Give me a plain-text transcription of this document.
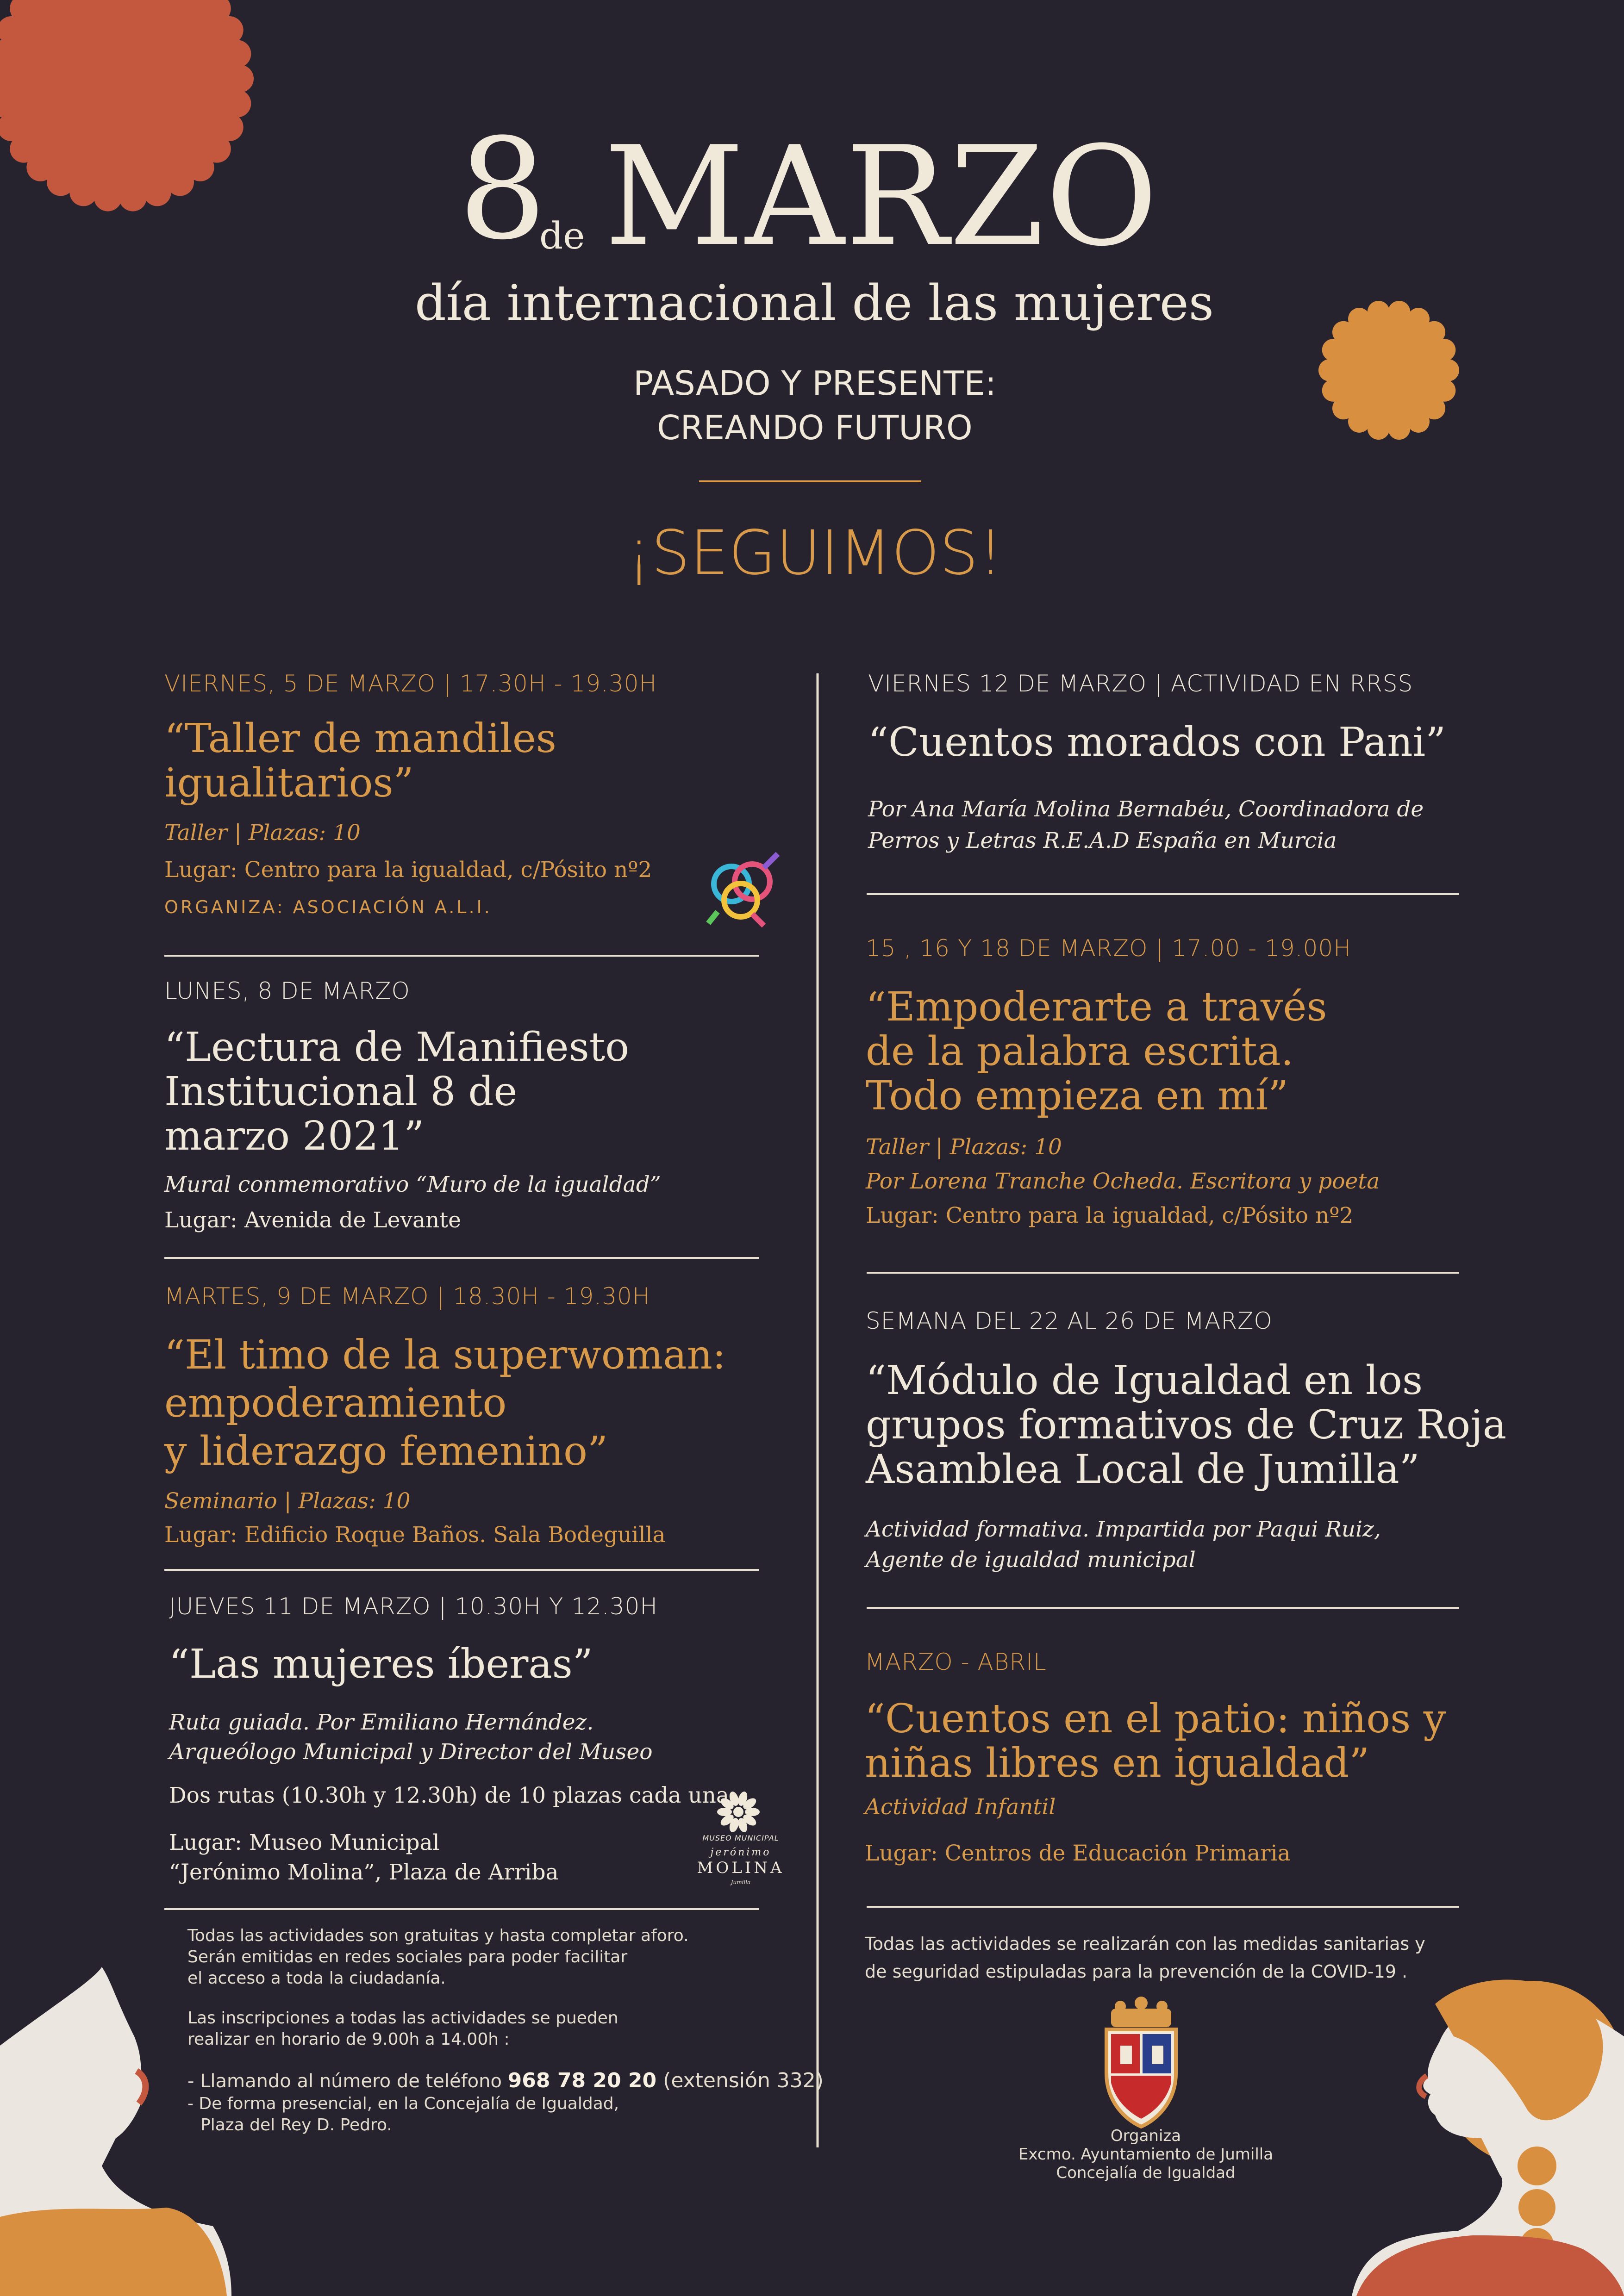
8
de MARZO
día internacional de las mujeres
PASADO Y PRESENTE:
CREANDO FUTURO
¡SEGUIMOS!
VIERNES, 5 DE MARZO | 17.30H - 19.30H
“Taller de mandiles
igualitarios”
Taller | Plazas: 10
Lugar: Centro para la igualdad, c/Pósito nº2
ORGANIZA: ASOCIACIÓN A.L.I.
LUNES, 8 DE MARZO
“Lectura de Manifiesto
Institucional 8 de
marzo 2021”
Mural conmemorativo “Muro de la igualdad”
Lugar: Avenida de Levante
MARTES, 9 DE MARZO | 18.30H - 19.30H
“El timo de la superwoman:
empoderamiento
y liderazgo femenino”
Seminario | Plazas: 10
Lugar: Edificio Roque Baños. Sala Bodeguilla
JUEVES 11 DE MARZO | 10.30H Y 12.30H
“Las mujeres íberas”
Ruta guiada. Por Emiliano Hernández.
Arqueólogo Municipal y Director del Museo
Dos rutas (10.30h y 12.30h) de 10 plazas cada una
Lugar: Museo Municipal
“Jerónimo Molina”, Plaza de Arriba
MUSEO MUNICIPAL
jerónimo
MOLINA
Jumilla
Todas las actividades son gratuitas y hasta completar aforo.
Serán emitidas en redes sociales para poder facilitar
el acceso a toda la ciudadanía.
Las inscripciones a todas las actividades se pueden
realizar en horario de 9.00h a 14.00h :
- Llamando al número de teléfono 968 78 20 20 (extensión 332)
- De forma presencial, en la Concejalía de Igualdad,
Plaza del Rey D. Pedro.
VIERNES 12 DE MARZO | ACTIVIDAD EN RRSS
“Cuentos morados con Pani”
Por Ana María Molina Bernabéu, Coordinadora de
Perros y Letras R.E.A.D España en Murcia
15 , 16 Y 18 DE MARZO | 17.00 - 19.00H
“Empoderarte a través
de la palabra escrita.
Todo empieza en mí”
Taller | Plazas: 10
Por Lorena Tranche Ocheda. Escritora y poeta
Lugar: Centro para la igualdad, c/Pósito nº2
SEMANA DEL 22 AL 26 DE MARZO
“Módulo de Igualdad en los
grupos formativos de Cruz Roja
Asamblea Local de Jumilla”
Actividad formativa. Impartida por Paqui Ruiz,
Agente de igualdad municipal
MARZO - ABRIL
“Cuentos en el patio: niños y
niñas libres en igualdad”
Actividad Infantil
Lugar: Centros de Educación Primaria
Todas las actividades se realizarán con las medidas sanitarias y
de seguridad estipuladas para la prevención de la COVID-19 .
Organiza
Excmo. Ayuntamiento de Jumilla
Concejalía de Igualdad
